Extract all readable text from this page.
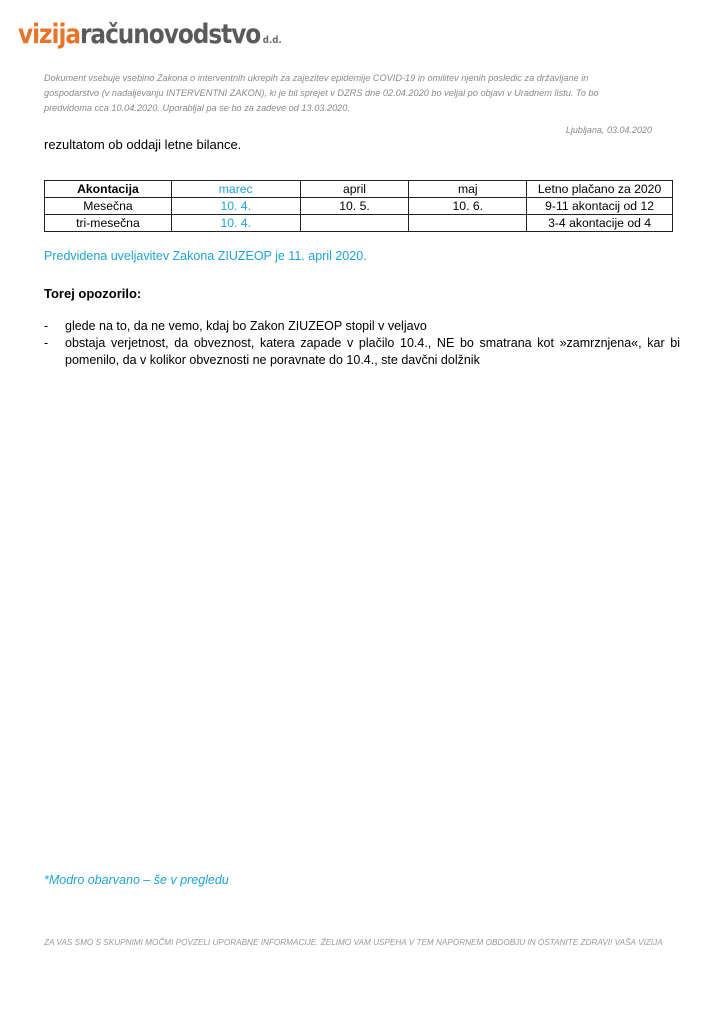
vizijaračunovodstvo d.d.

Dokument vsebuje vsebino Zakona o interventnih ukrepih za zajezitev epidemije COVID-19 in omilitev njenih posledic za državljane in gospodarstvo (v nadaljevanju INTERVENTNI ZAKON), ki je bil sprejet v DZRS dne 02.04.2020 bo veljal po objavi v Uradnem listu. To bo predvidoma cca 10.04.2020. Uporabljal pa se bo za zadeve od 13.03.2020.

Ljubljana, 03.04.2020

rezultatom ob oddaji letne bilance.

Akontacija	marec	april	maj	Letno plačano za 2020
Mesečna	10. 4.	10. 5.	10. 6.	9-11 akontacij od 12
tri-mesečna	10. 4.			3-4 akontacije od 4

Predvidena uveljavitev Zakona ZIUZEOP je 11. april 2020.

Torej opozorilo:

- glede na to, da ne vemo, kdaj bo Zakon ZIUZEOP stopil v veljavo
- obstaja verjetnost, da obveznost, katera zapade v plačilo 10.4., NE bo smatrana kot »zamrznjena«, kar bi pomenilo, da v kolikor obveznosti ne poravnate do 10.4., ste davčni dolžnik

*Modro obarvano – še v pregledu

ZA VAS SMO S SKUPNIMI MOČMI POVZELI UPORABNE INFORMACIJE. ŽELIMO VAM USPEHA V TEM NAPORNEM OBDOBJU IN OSTANITE ZDRAVI! VAŠA VIZIJA
